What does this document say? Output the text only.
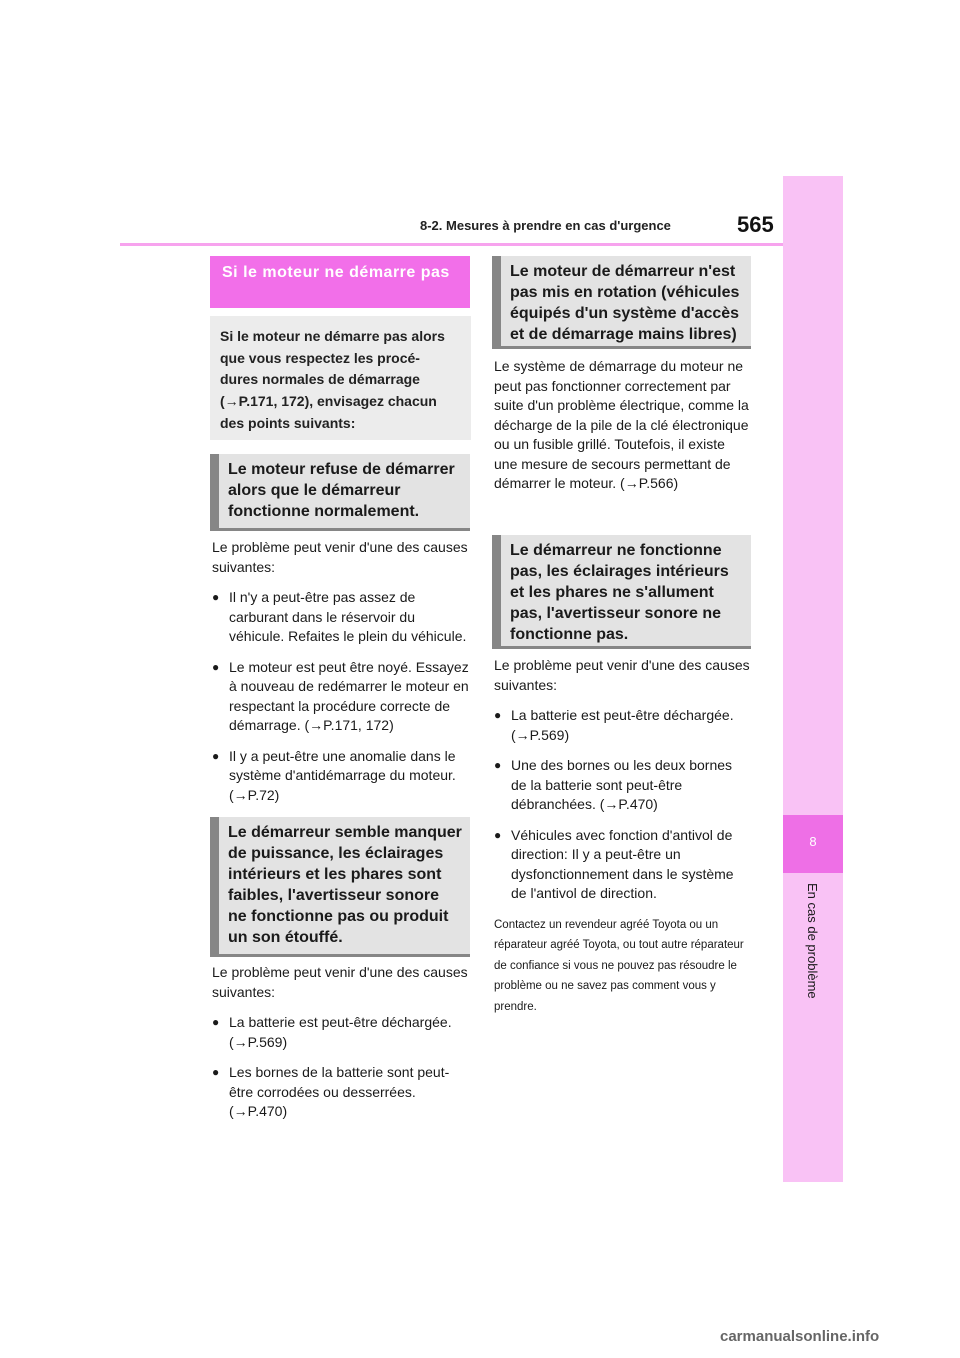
8-2. Mesures à prendre en cas d'urgence	565
8
En cas de problème
Si le moteur ne démarre pas

Si le moteur ne démarre pas alors
que vous respectez les procé-
dures normales de démarrage
(→P.171, 172), envisagez chacun
des points suivants:

Le moteur refuse de démarrer alors que le démarreur fonctionne normalement.

Le problème peut venir d'une des causes suivantes:

● Il n'y a peut-être pas assez de carburant dans le réservoir du véhicule. Refaites le plein du véhicule.
● Le moteur est peut être noyé. Essayez à nouveau de redémarrer le moteur en respectant la procédure correcte de démarrage. (→P.171, 172)
● Il y a peut-être une anomalie dans le système d'antidémarrage du moteur. (→P.72)
Le démarreur semble manquer de puissance, les éclairages intérieurs et les phares sont faibles, l'avertisseur sonore ne fonctionne pas ou produit un son étouffé.

Le problème peut venir d'une des causes suivantes:

● La batterie est peut-être déchargée. (→P.569)
● Les bornes de la batterie sont peut-être corrodées ou desserrées. (→P.470)
Le moteur de démarreur n'est pas mis en rotation (véhicules équipés d'un système d'accès et de démarrage mains libres)

Le système de démarrage du moteur ne peut pas fonctionner correctement par suite d'un problème électrique, comme la décharge de la pile de la clé électronique ou un fusible grillé. Toutefois, il existe une mesure de secours permettant de démarrer le moteur. (→P.566)

Le démarreur ne fonctionne pas, les éclairages intérieurs et les phares ne s'allument pas, l'avertisseur sonore ne fonctionne pas.

Le problème peut venir d'une des causes suivantes:

● La batterie est peut-être déchargée. (→P.569)
● Une des bornes ou les deux bornes de la batterie sont peut-être débranchées. (→P.470)
● Véhicules avec fonction d'antivol de direction: Il y a peut-être un dysfonctionnement dans le système de l'antivol de direction.

Contactez un revendeur agréé Toyota ou un réparateur agréé Toyota, ou tout autre réparateur de confiance si vous ne pouvez pas résoudre le problème ou ne savez pas comment vous y prendre.

carmanualsonline.info
